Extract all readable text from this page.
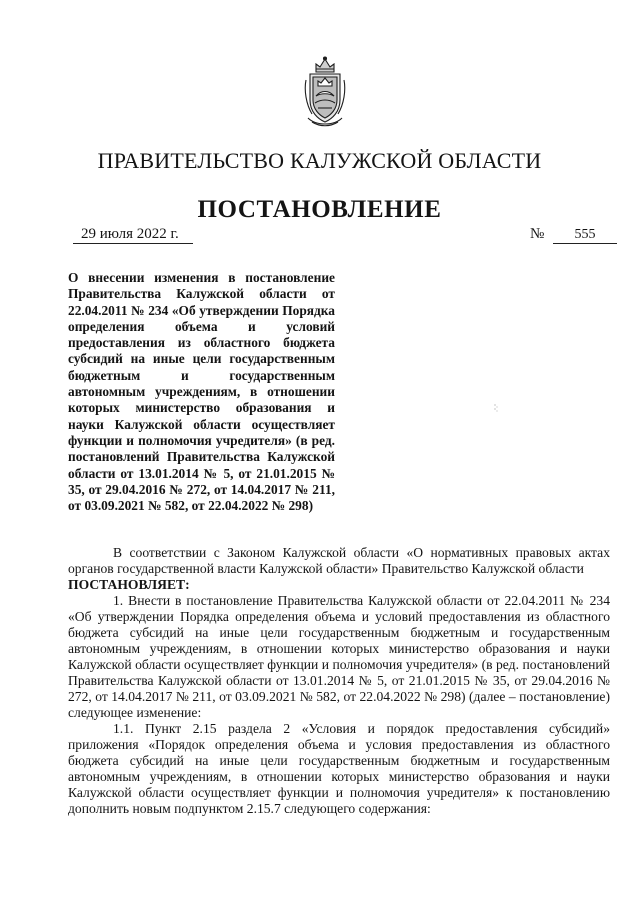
ПРАВИТЕЛЬСТВО КАЛУЖСКОЙ ОБЛАСТИ
ПОСТАНОВЛЕНИЕ
29 июля 2022 г.	№	555

О внесении изменения в постановление Правительства Калужской области от 22.04.2011 № 234 «Об утверждении Порядка определения объема и условий предоставления из областного бюджета субсидий на иные цели государственным бюджетным и государственным автономным учреждениям, в отношении которых министерство образования и науки Калужской области осуществляет функции и полномочия учредителя» (в ред. постановлений Правительства Калужской области от 13.01.2014 № 5, от 21.01.2015 № 35, от 29.04.2016 № 272, от 14.04.2017 № 211, от 03.09.2021 № 582, от 22.04.2022 № 298)

В соответствии с Законом Калужской области «О нормативных правовых актах органов государственной власти Калужской области» Правительство Калужской области

ПОСТАНОВЛЯЕТ:

1. Внести в постановление Правительства Калужской области от 22.04.2011 № 234 «Об утверждении Порядка определения объема и условий предоставления из областного бюджета субсидий на иные цели государственным бюджетным и государственным автономным учреждениям, в отношении которых министерство образования и науки Калужской области осуществляет функции и полномочия учредителя» (в ред. постановлений Правительства Калужской области от 13.01.2014 № 5, от 21.01.2015 № 35, от 29.04.2016 № 272, от 14.04.2017 № 211, от 03.09.2021 № 582, от 22.04.2022 № 298) (далее – постановление) следующее изменение:

1.1. Пункт 2.15 раздела 2 «Условия и порядок предоставления субсидий» приложения «Порядок определения объема и условия предоставления из областного бюджета субсидий на иные цели государственным бюджетным и государственным автономным учреждениям, в отношении которых министерство образования и науки Калужской области осуществляет функции и полномочия учредителя» к постановлению дополнить новым подпунктом 2.15.7 следующего содержания:
